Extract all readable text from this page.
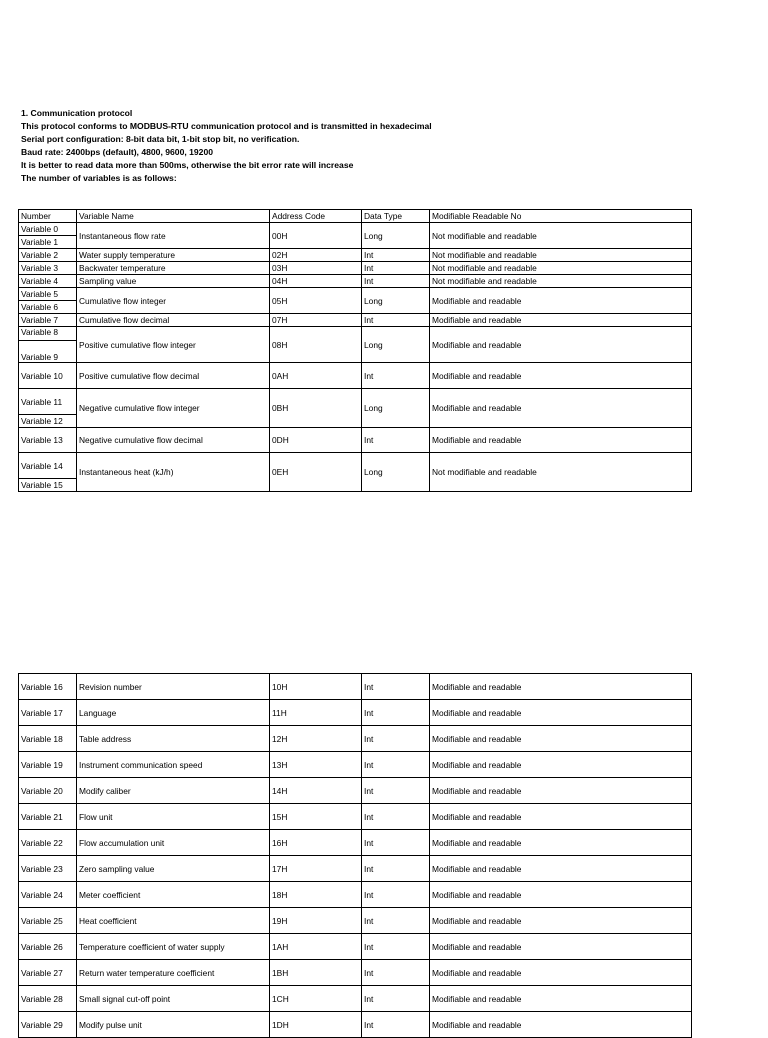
1. Communication protocol
This protocol conforms to MODBUS-RTU communication protocol and is transmitted in hexadecimal
Serial port configuration: 8-bit data bit, 1-bit stop bit, no verification.
Baud rate: 2400bps (default), 4800, 9600, 19200
It is better to read data more than 500ms, otherwise the bit error rate will increase
The number of variables is as follows:
Number	Variable Name	Address Code	Data Type	Modifiable Readable No
Variable 0	Instantaneous flow rate	00H	Long	Not modifiable and readable
Variable 1				
Variable 2	Water supply temperature	02H	Int	Not modifiable and readable
Variable 3	Backwater temperature	03H	Int	Not modifiable and readable
Variable 4	Sampling value	04H	Int	Not modifiable and readable
Variable 5	Cumulative flow integer	05H	Long	Modifiable and readable
Variable 6				
Variable 7	Cumulative flow decimal	07H	Int	Modifiable and readable
Variable 8	Positive cumulative flow integer	08H	Long	Modifiable and readable
Variable 9				
Variable 10	Positive cumulative flow decimal	0AH	Int	Modifiable and readable
Variable 11	Negative cumulative flow integer	0BH	Long	Modifiable and readable
Variable 12				
Variable 13	Negative cumulative flow decimal	0DH	Int	Modifiable and readable
Variable 14	Instantaneous heat (kJ/h)	0EH	Long	Not modifiable and readable
Variable 15				
Variable 16	Revision number	10H	Int	Modifiable and readable
Variable 17	Language	11H	Int	Modifiable and readable
Variable 18	Table address	12H	Int	Modifiable and readable
Variable 19	Instrument communication speed	13H	Int	Modifiable and readable
Variable 20	Modify caliber	14H	Int	Modifiable and readable
Variable 21	Flow unit	15H	Int	Modifiable and readable
Variable 22	Flow accumulation unit	16H	Int	Modifiable and readable
Variable 23	Zero sampling value	17H	Int	Modifiable and readable
Variable 24	Meter coefficient	18H	Int	Modifiable and readable
Variable 25	Heat coefficient	19H	Int	Modifiable and readable
Variable 26	Temperature coefficient of water supply	1AH	Int	Modifiable and readable
Variable 27	Return water temperature coefficient	1BH	Int	Modifiable and readable
Variable 28	Small signal cut-off point	1CH	Int	Modifiable and readable
Variable 29	Modify pulse unit	1DH	Int	Modifiable and readable
